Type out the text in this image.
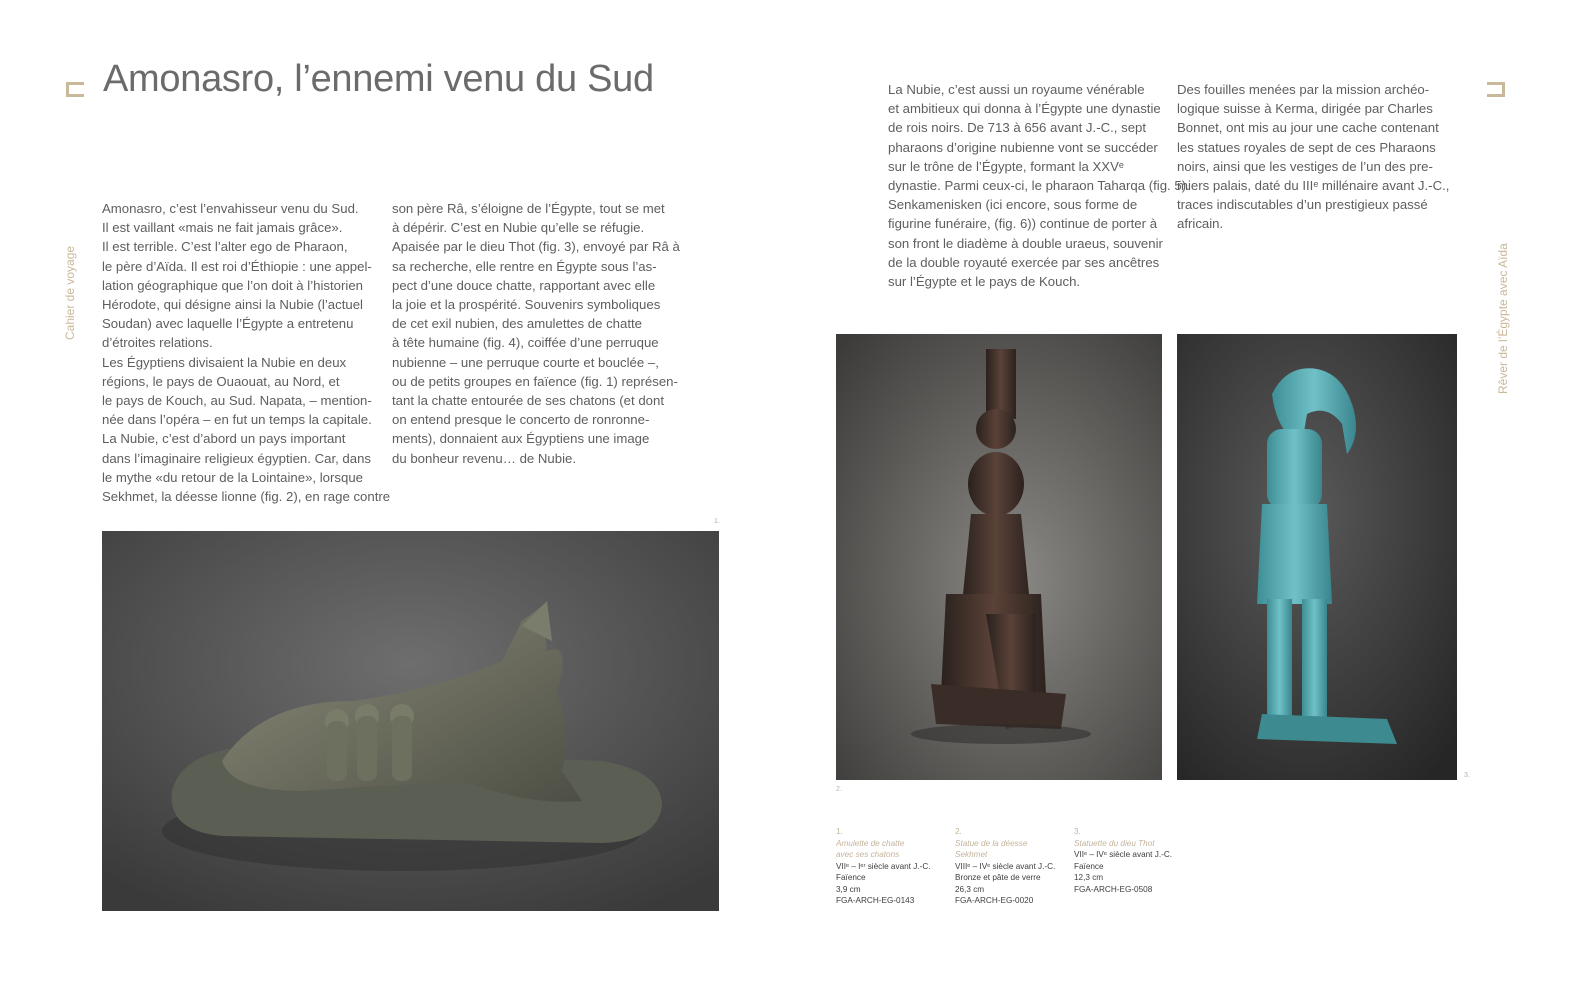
Amonasro, l’ennemi venu du Sud
Cahier de voyage	Rêver de l’Égypte avec Aïda

Amonasro, c’est l’envahisseur venu du Sud.

Il est vaillant «mais ne fait jamais grâce».

Il est terrible. C’est l’alter ego de Pharaon,

le père d’Aïda. Il est roi d’Éthiopie : une appel-

lation géographique que l’on doit à l’historien

Hérodote, qui désigne ainsi la Nubie (l’actuel

Soudan) avec laquelle l’Égypte a entretenu

d’étroites relations.

Les Égyptiens divisaient la Nubie en deux

régions, le pays de Ouaouat, au Nord, et

le pays de Kouch, au Sud. Napata, – mention-

née dans l’opéra – en fut un temps la capitale.

La Nubie, c’est d’abord un pays important

dans l’imaginaire religieux égyptien. Car, dans

le mythe «du retour de la Lointaine», lorsque

Sekhmet, la déesse lionne (fig. 2), en rage contre

son père Râ, s’éloigne de l’Égypte, tout se met

à dépérir. C’est en Nubie qu’elle se réfugie.

Apaisée par le dieu Thot (fig. 3), envoyé par Râ à

sa recherche, elle rentre en Égypte sous l’as-

pect d’une douce chatte, rapportant avec elle

la joie et la prospérité. Souvenirs symboliques

de cet exil nubien, des amulettes de chatte

à tête humaine (fig. 4), coiffée d’une perruque

nubienne – une perruque courte et bouclée –,

ou de petits groupes en faïence (fig. 1) représen-

tant la chatte entourée de ses chatons (et dont

on entend presque le concerto de ronronne-

ments), donnaient aux Égyptiens une image

du bonheur revenu… de Nubie.

La Nubie, c’est aussi un royaume vénérable

et ambitieux qui donna à l’Égypte une dynastie

de rois noirs. De 713 à 656 avant J.-C., sept

pharaons d’origine nubienne vont se succéder

sur le trône de l’Égypte, formant la XXVᵉ

dynastie. Parmi ceux-ci, le pharaon Taharqa (fig. 5).

Senkamenisken (ici encore, sous forme de

figurine funéraire, (fig. 6)) continue de porter à

son front le diadème à double uraeus, souvenir

de la double royauté exercée par ses ancêtres

sur l’Égypte et le pays de Kouch.

Des fouilles menées par la mission archéo-

logique suisse à Kerma, dirigée par Charles

Bonnet, ont mis au jour une cache contenant

les statues royales de sept de ces Pharaons

noirs, ainsi que les vestiges de l’un des pre-

miers palais, daté du IIIᵉ millénaire avant J.-C.,

traces indiscutables d’un prestigieux passé

africain.

1.
2.
3.
1.
Amulette de chatte
avec ses chatons
VIIᵉ – Iᵉʳ siècle avant J.-C.
Faïence
3,9 cm
FGA-ARCH-EG-0143
2.
Statue de la déesse
Sekhmet
VIIIᵉ – IVᵉ siècle avant J.-C.
Bronze et pâte de verre
26,3 cm
FGA-ARCH-EG-0020
3.
Statuette du dieu Thot
VIIᵉ – IVᵉ siècle avant J.-C.
Faïence
12,3 cm
FGA-ARCH-EG-0508
